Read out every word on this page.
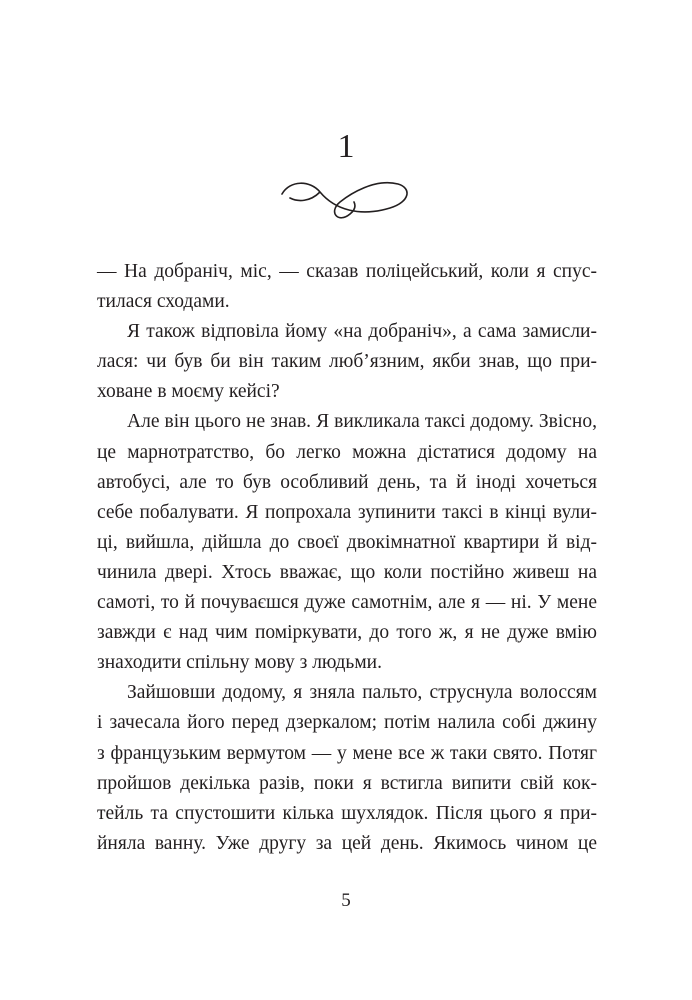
1
— На добраніч, міс, — сказав поліцейський, коли я спус-
тилася сходами.
Я також відповіла йому «на добраніч», а сама замисли-
лася: чи був би він таким люб’язним, якби знав, що при-
ховане в моєму кейсі?
Але він цього не знав. Я викликала таксі додому. Звісно,
це марнотратство, бо легко можна дістатися додому на
автобусі, але то був особливий день, та й іноді хочеться
себе побалувати. Я попрохала зупинити таксі в кінці вули-
ці, вийшла, дійшла до своєї двокімнатної квартири й від-
чинила двері. Хтось вважає, що коли постійно живеш на
самоті, то й почуваєшся дуже самотнім, але я — ні. У мене
завжди є над чим поміркувати, до того ж, я не дуже вмію
знаходити спільну мову з людьми.
Зайшовши додому, я зняла пальто, струснула волоссям
і зачесала його перед дзеркалом; потім налила собі джину
з французьким вермутом — у мене все ж таки свято. Потяг
пройшов декілька разів, поки я встигла випити свій кок-
тейль та спустошити кілька шухлядок. Після цього я при-
йняла ванну. Уже другу за цей день. Якимось чином це
5
